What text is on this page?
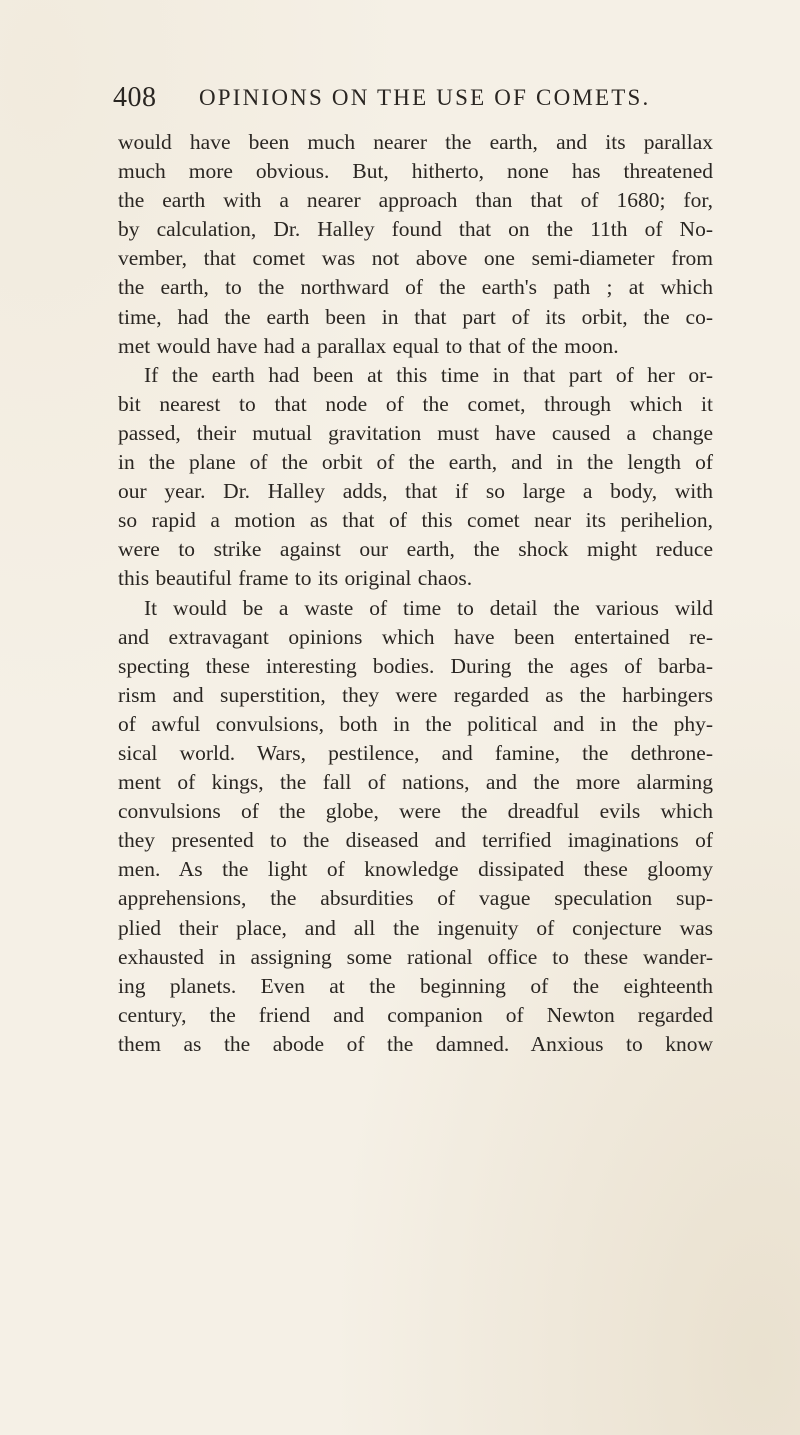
408 OPINIONS ON THE USE OF COMETS.
would have been much nearer the earth, and its parallax
much more obvious. But, hitherto, none has threatened
the earth with a nearer approach than that of 1680; for,
by calculation, Dr. Halley found that on the 11th of No-
vember, that comet was not above one semi-diameter from
the earth, to the northward of the earth's path ; at which
time, had the earth been in that part of its orbit, the co-
met would have had a parallax equal to that of the moon.
If the earth had been at this time in that part of her or-
bit nearest to that node of the comet, through which it
passed, their mutual gravitation must have caused a change
in the plane of the orbit of the earth, and in the length of
our year. Dr. Halley adds, that if so large a body, with
so rapid a motion as that of this comet near its perihelion,
were to strike against our earth, the shock might reduce
this beautiful frame to its original chaos.
It would be a waste of time to detail the various wild
and extravagant opinions which have been entertained re-
specting these interesting bodies. During the ages of barba-
rism and superstition, they were regarded as the harbingers
of awful convulsions, both in the political and in the phy-
sical world. Wars, pestilence, and famine, the dethrone-
ment of kings, the fall of nations, and the more alarming
convulsions of the globe, were the dreadful evils which
they presented to the diseased and terrified imaginations of
men. As the light of knowledge dissipated these gloomy
apprehensions, the absurdities of vague speculation sup-
plied their place, and all the ingenuity of conjecture was
exhausted in assigning some rational office to these wander-
ing planets. Even at the beginning of the eighteenth
century, the friend and companion of Newton regarded
them as the abode of the damned. Anxious to know
